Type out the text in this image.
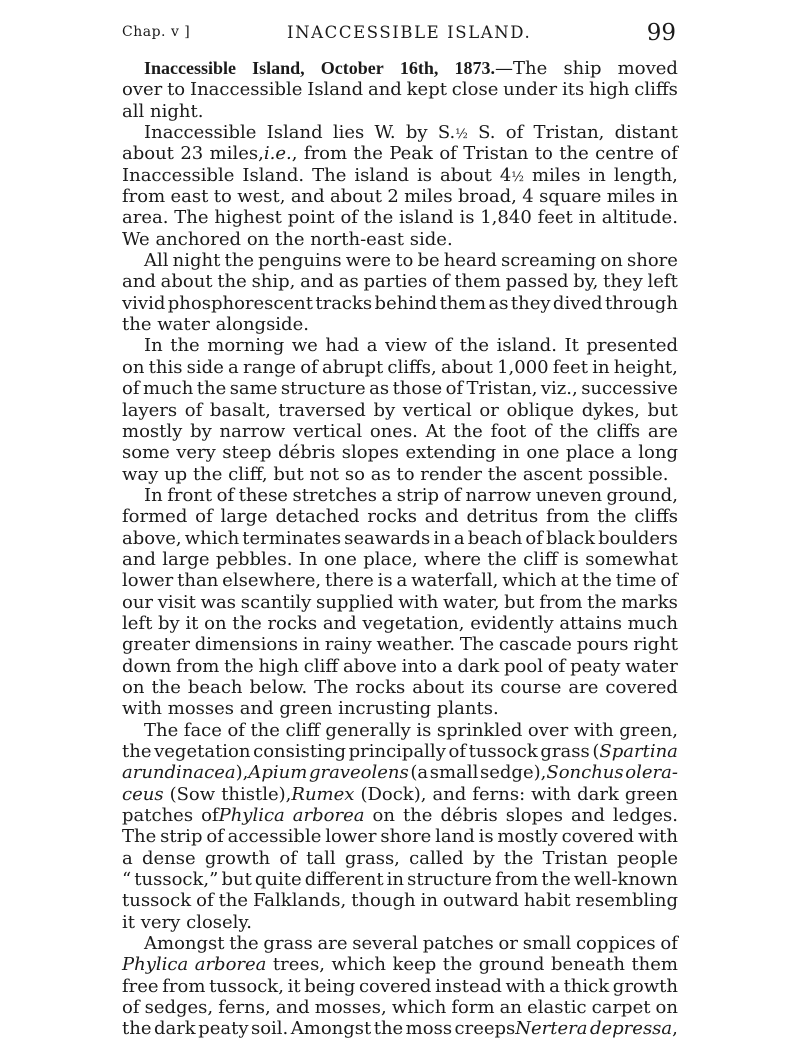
Chap. v ]	INACCESSIBLE ISLAND.	99
Inaccessible Island, October 16th, 1873.—The ship moved
over to Inaccessible Island and kept close under its high cliffs
all night.
Inaccessible Island lies W. by S.½ S. of Tristan, distant
about 23 miles,i.e., from the Peak of Tristan to the centre of
Inaccessible Island. The island is about 4½ miles in length,
from east to west, and about 2 miles broad, 4 square miles in
area. The highest point of the island is 1,840 feet in altitude.
We anchored on the north-east side.
All night the penguins were to be heard screaming on shore
and about the ship, and as parties of them passed by, they left
vivid phosphorescent tracks behind them as they dived through
the water alongside.
In the morning we had a view of the island. It presented
on this side a range of abrupt cliffs, about 1,000 feet in height,
of much the same structure as those of Tristan, viz., successive
layers of basalt, traversed by vertical or oblique dykes, but
mostly by narrow vertical ones. At the foot of the cliffs are
some very steep débris slopes extending in one place a long
way up the cliff, but not so as to render the ascent possible.
In front of these stretches a strip of narrow uneven ground,
formed of large detached rocks and detritus from the cliffs
above, which terminates seawards in a beach of black boulders
and large pebbles. In one place, where the cliff is somewhat
lower than elsewhere, there is a waterfall, which at the time of
our visit was scantily supplied with water, but from the marks
left by it on the rocks and vegetation, evidently attains much
greater dimensions in rainy weather. The cascade pours right
down from the high cliff above into a dark pool of peaty water
on the beach below. The rocks about its course are covered
with mosses and green incrusting plants.
The face of the cliff generally is sprinkled over with green,
the vegetation consisting principally of tussock grass (Spartina
arundinacea),Apium graveolens (a small sedge),Sonchus olera-
ceus (Sow thistle),Rumex (Dock), and ferns: with dark green
patches ofPhylica arborea on the débris slopes and ledges.
The strip of accessible lower shore land is mostly covered with
a dense growth of tall grass, called by the Tristan people
“ tussock,” but quite different in structure from the well-known
tussock of the Falklands, though in outward habit resembling
it very closely.
Amongst the grass are several patches or small coppices of
Phylica arborea trees, which keep the ground beneath them
free from tussock, it being covered instead with a thick growth
of sedges, ferns, and mosses, which form an elastic carpet on
the dark peaty soil. Amongst the moss creepsNertera depressa,
